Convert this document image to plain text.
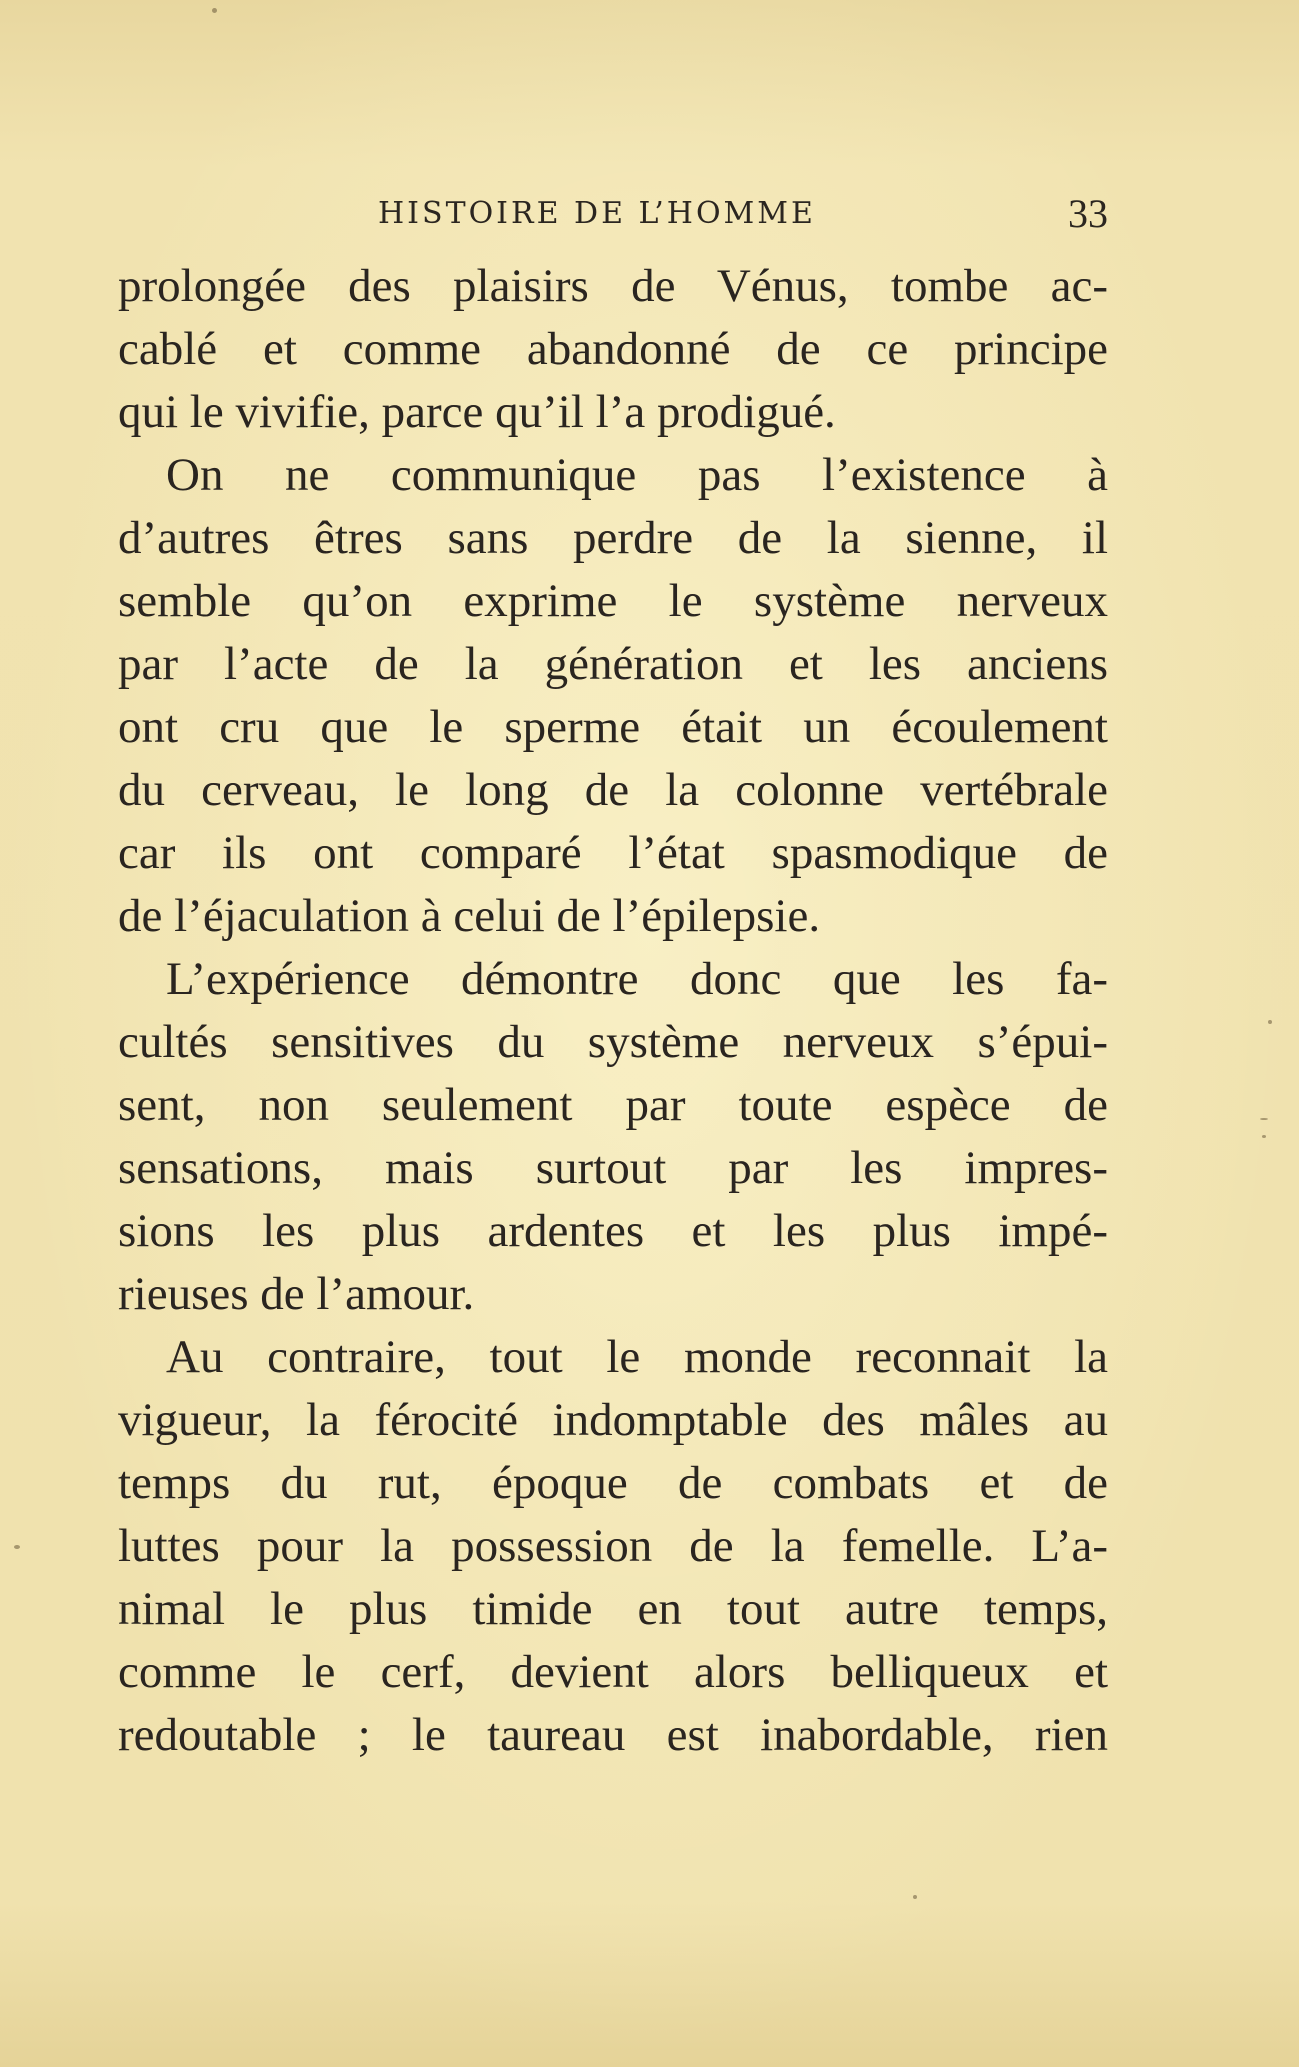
HISTOIRE DE L’HOMME	33
prolongée des plaisirs de Vénus, tombe ac-
cablé et comme abandonné de ce principe
qui le vivifie, parce qu’il l’a prodigué.
On ne communique pas l’existence à
d’autres êtres sans perdre de la sienne, il
semble qu’on exprime le système nerveux
par l’acte de la génération et les anciens
ont cru que le sperme était un écoulement
du cerveau, le long de la colonne vertébrale
car ils ont comparé l’état spasmodique de
de l’éjaculation à celui de l’épilepsie.
L’expérience démontre donc que les fa-
cultés sensitives du système nerveux s’épui-
sent, non seulement par toute espèce de
sensations, mais surtout par les impres-
sions les plus ardentes et les plus impé-
rieuses de l’amour.
Au contraire, tout le monde reconnait la
vigueur, la férocité indomptable des mâles au
temps du rut, époque de combats et de
luttes pour la possession de la femelle. L’a-
nimal le plus timide en tout autre temps,
comme le cerf, devient alors belliqueux et
redoutable ; le taureau est inabordable, rien
